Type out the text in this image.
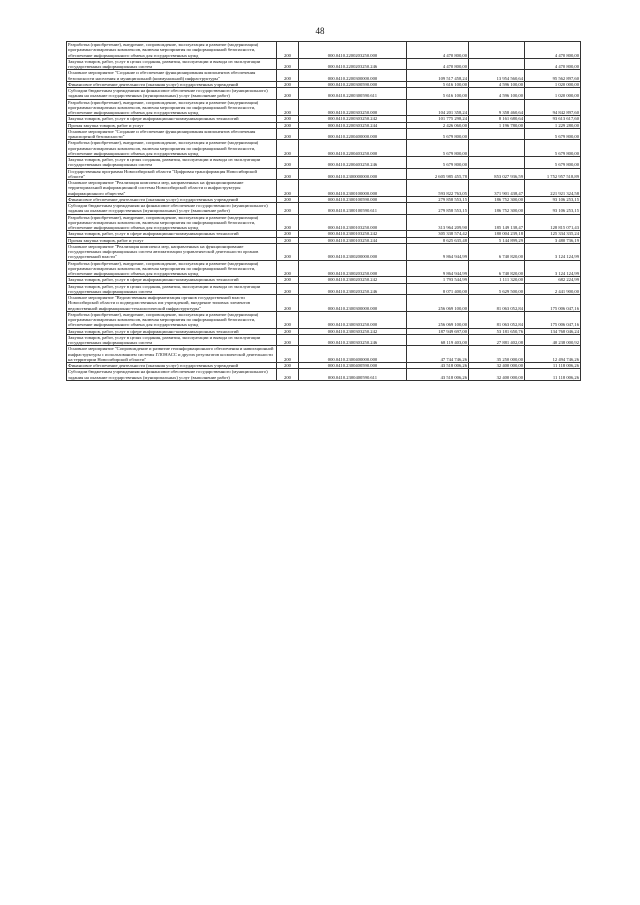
48
Разработка (приобретение), внедрение, сопровождение, эксплуатация и развитие (модернизация) программно-аппаратных комплексов, включая мероприятия по информационной безопасности, обеспечение информационного обмена для государственных нужд	200	000.0410.2200203250.000	4 470 800,00		4 470 800,00
Закупка товаров, работ, услуг в целях создания, развития, эксплуатации и вывода из эксплуатации государственных информационных систем	200	000.0410.2200203250.246	4 470 800,00		4 470 800,00
Основное мероприятие "Создание и обеспечение функционирования компонентов обеспечения безопасности населения и муниципальной (коммунальной) инфраструктуры"	200	000.0410.2200300000.000	109 517 458,24	13 954 560,64	95 562 897,60
Финансовое обеспечение деятельности (оказания услуг) государственных учреждений	200	000.0410.2200300590.000	5 616 100,00	4 596 100,00	1 020 000,00
Субсидии бюджетным учреждениям на финансовое обеспечение государственного (муниципального) задания на оказание государственных (муниципальных) услуг (выполнение работ)	200	000.0410.2200300590.611	5 616 100,00	4 596 100,00	1 020 000,00
Разработка (приобретение), внедрение, сопровождение, эксплуатация и развитие (модернизация) программно-аппаратных комплексов, включая мероприятия по информационной безопасности, обеспечение информационного обмена для государственных нужд	200	000.0410.2200303250.000	104 201 358,24	9 358 460,64	94 842 897,60
Закупка товаров, работ, услуг в сфере информационно-коммуникационных технологий	200	000.0410.2200303250.242	101 775 298,24	8 161 680,64	93 613 617,60
Прочая закупка товаров, работ и услуг	200	000.0410.2200303250.244	2 426 060,00	1 196 780,00	1 229 280,00
Основное мероприятие "Создание и обеспечение функционирования компонентов обеспечения транспортной безопасности"	200	000.0410.2200400000.000	5 679 800,00		5 679 800,00
Разработка (приобретение), внедрение, сопровождение, эксплуатация и развитие (модернизация) программно-аппаратных комплексов, включая мероприятия по информационной безопасности, обеспечение информационного обмена для государственных нужд	200	000.0410.2200403250.000	5 679 800,00		5 679 800,00
Закупка товаров, работ, услуг в целях создания, развития, эксплуатации и вывода из эксплуатации государственных информационных систем	200	000.0410.2200403250.246	5 679 800,00		5 679 800,00
Государственная программа Новосибирской области "Цифровая трансформация Новосибирской области"	200	000.0410.2300000000.000	2 605 985 455,78	853 027 936,59	1 752 957 518,89
Основное мероприятие "Реализация комплекса мер, направленных на функционирование территориальной информационной системы Новосибирской области и инфраструктуры информационного общества"	200	000.0410.2300100000.000	593 822 763,05	371 901 438,47	221 921 324,58
Финансовое обеспечение деятельности (оказания услуг) государственных учреждений	200	000.0410.2300100590.000	279 858 553,15	186 752 300,00	93 106 253,15
Субсидии бюджетным учреждениям на финансовое обеспечение государственного (муниципального) задания на оказание государственных (муниципальных) услуг (выполнение работ)	200	000.0410.2300100590.611	279 858 553,15	186 752 300,00	93 106 253,15
Разработка (приобретение), внедрение, сопровождение, эксплуатация и развитие (модернизация) программно-аппаратных комплексов, включая мероприятия по информационной безопасности, обеспечение информационного обмена для государственных нужд	200	000.0410.2300103250.000	313 964 209,90	185 149 138,47	128 815 071,43
Закупка товаров, работ, услуг в сфере информационно-коммуникационных технологий	200	000.0410.2300103250.242	305 338 574,42	180 004 239,18	125 334 335,24
Прочая закупка товаров, работ и услуг	200	000.0410.2300103250.244	8 625 635,48	5 144 899,29	3 480 736,19
Основное мероприятие "Реализация комплекса мер, направленных на функционирование государственных информационных систем автоматизации управленческой деятельности органов государственной власти"	200	000.0410.2300200000.000	9 864 944,99	6 740 820,00	3 124 124,99
Разработка (приобретение), внедрение, сопровождение, эксплуатация и развитие (модернизация) программно-аппаратных комплексов, включая мероприятия по информационной безопасности, обеспечение информационного обмена для государственных нужд	200	000.0410.2300203250.000	9 864 944,99	6 740 820,00	3 124 124,99
Закупка товаров, работ, услуг в сфере информационно-коммуникационных технологий	200	000.0410.2300203250.242	1 793 544,99	1 111 320,00	682 224,99
Закупка товаров, работ, услуг в целях создания, развития, эксплуатации и вывода из эксплуатации государственных информационных систем	200	000.0410.2300203250.246	8 071 400,00	5 629 500,00	2 441 900,00
Основное мероприятие "Ведомственная информатизация органов государственной власти Новосибирской области и подведомственных им учреждений, внедрение типовых элементов ведомственной информационно-технологической инфраструктуры"	200	000.0410.2300300000.000	256 069 100,00	81 063 052,84	175 006 047,16
Разработка (приобретение), внедрение, сопровождение, эксплуатация и развитие (модернизация) программно-аппаратных комплексов, включая мероприятия по информационной безопасности, обеспечение информационного обмена для государственных нужд	200	000.0410.2300303250.000	256 069 100,00	81 063 052,84	175 006 047,16
Закупка товаров, работ, услуг в сфере информационно-коммуникационных технологий	200	000.0410.2300303250.242	187 949 697,00	53 181 650,76	134 768 046,24
Закупка товаров, работ, услуг в целях создания, развития, эксплуатации и вывода из эксплуатации государственных информационных систем	200	000.0410.2300303250.246	68 119 403,00	27 881 402,08	40 238 000,92
Основное мероприятие "Сопровождение и развитие геоинформационного обеспечения и навигационной инфраструктуры с использованием системы ГЛОНАСС и других результатов космической деятельности на территории Новосибирской области"	200	000.0410.2300400000.000	47 744 746,26	35 250 000,00	12 494 746,26
Финансовое обеспечение деятельности (оказания услуг) государственных учреждений	200	000.0410.2300400590.000	43 518 006,26	32 400 000,00	11 118 006,26
Субсидии бюджетным учреждениям на финансовое обеспечение государственного (муниципального) задания на оказание государственных (муниципальных) услуг (выполнение работ)	200	000.0410.2300400590.611	43 518 006,26	32 400 000,00	11 118 006,26
